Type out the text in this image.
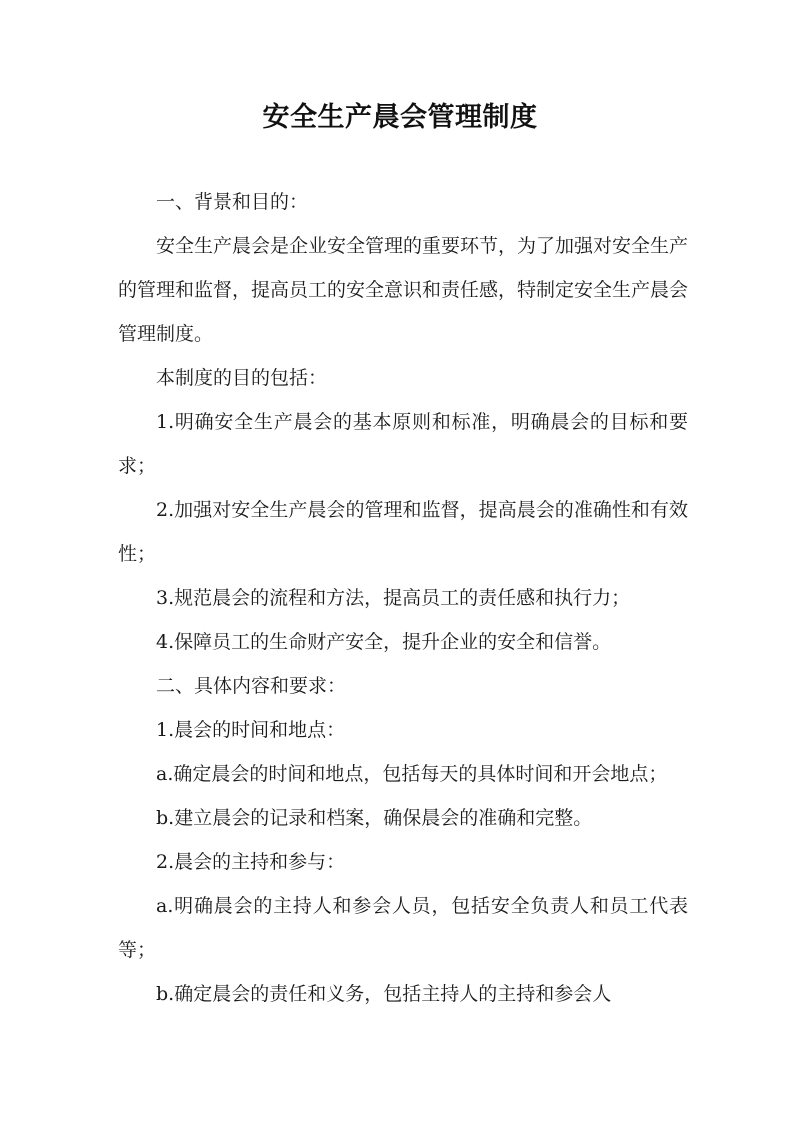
安全生产晨会管理制度

一、背景和目的：

安全生产晨会是企业安全管理的重要环节，为了加强对安全生产的管理和监督，提高员工的安全意识和责任感，特制定安全生产晨会管理制度。

本制度的目的包括：

1.明确安全生产晨会的基本原则和标准，明确晨会的目标和要求；

2.加强对安全生产晨会的管理和监督，提高晨会的准确性和有效性；

3.规范晨会的流程和方法，提高员工的责任感和执行力；

4.保障员工的生命财产安全，提升企业的安全和信誉。

二、具体内容和要求：

1.晨会的时间和地点：

a.确定晨会的时间和地点，包括每天的具体时间和开会地点；

b.建立晨会的记录和档案，确保晨会的准确和完整。

2.晨会的主持和参与：

a.明确晨会的主持人和参会人员，包括安全负责人和员工代表等；

b.确定晨会的责任和义务，包括主持人的主持和参会人
